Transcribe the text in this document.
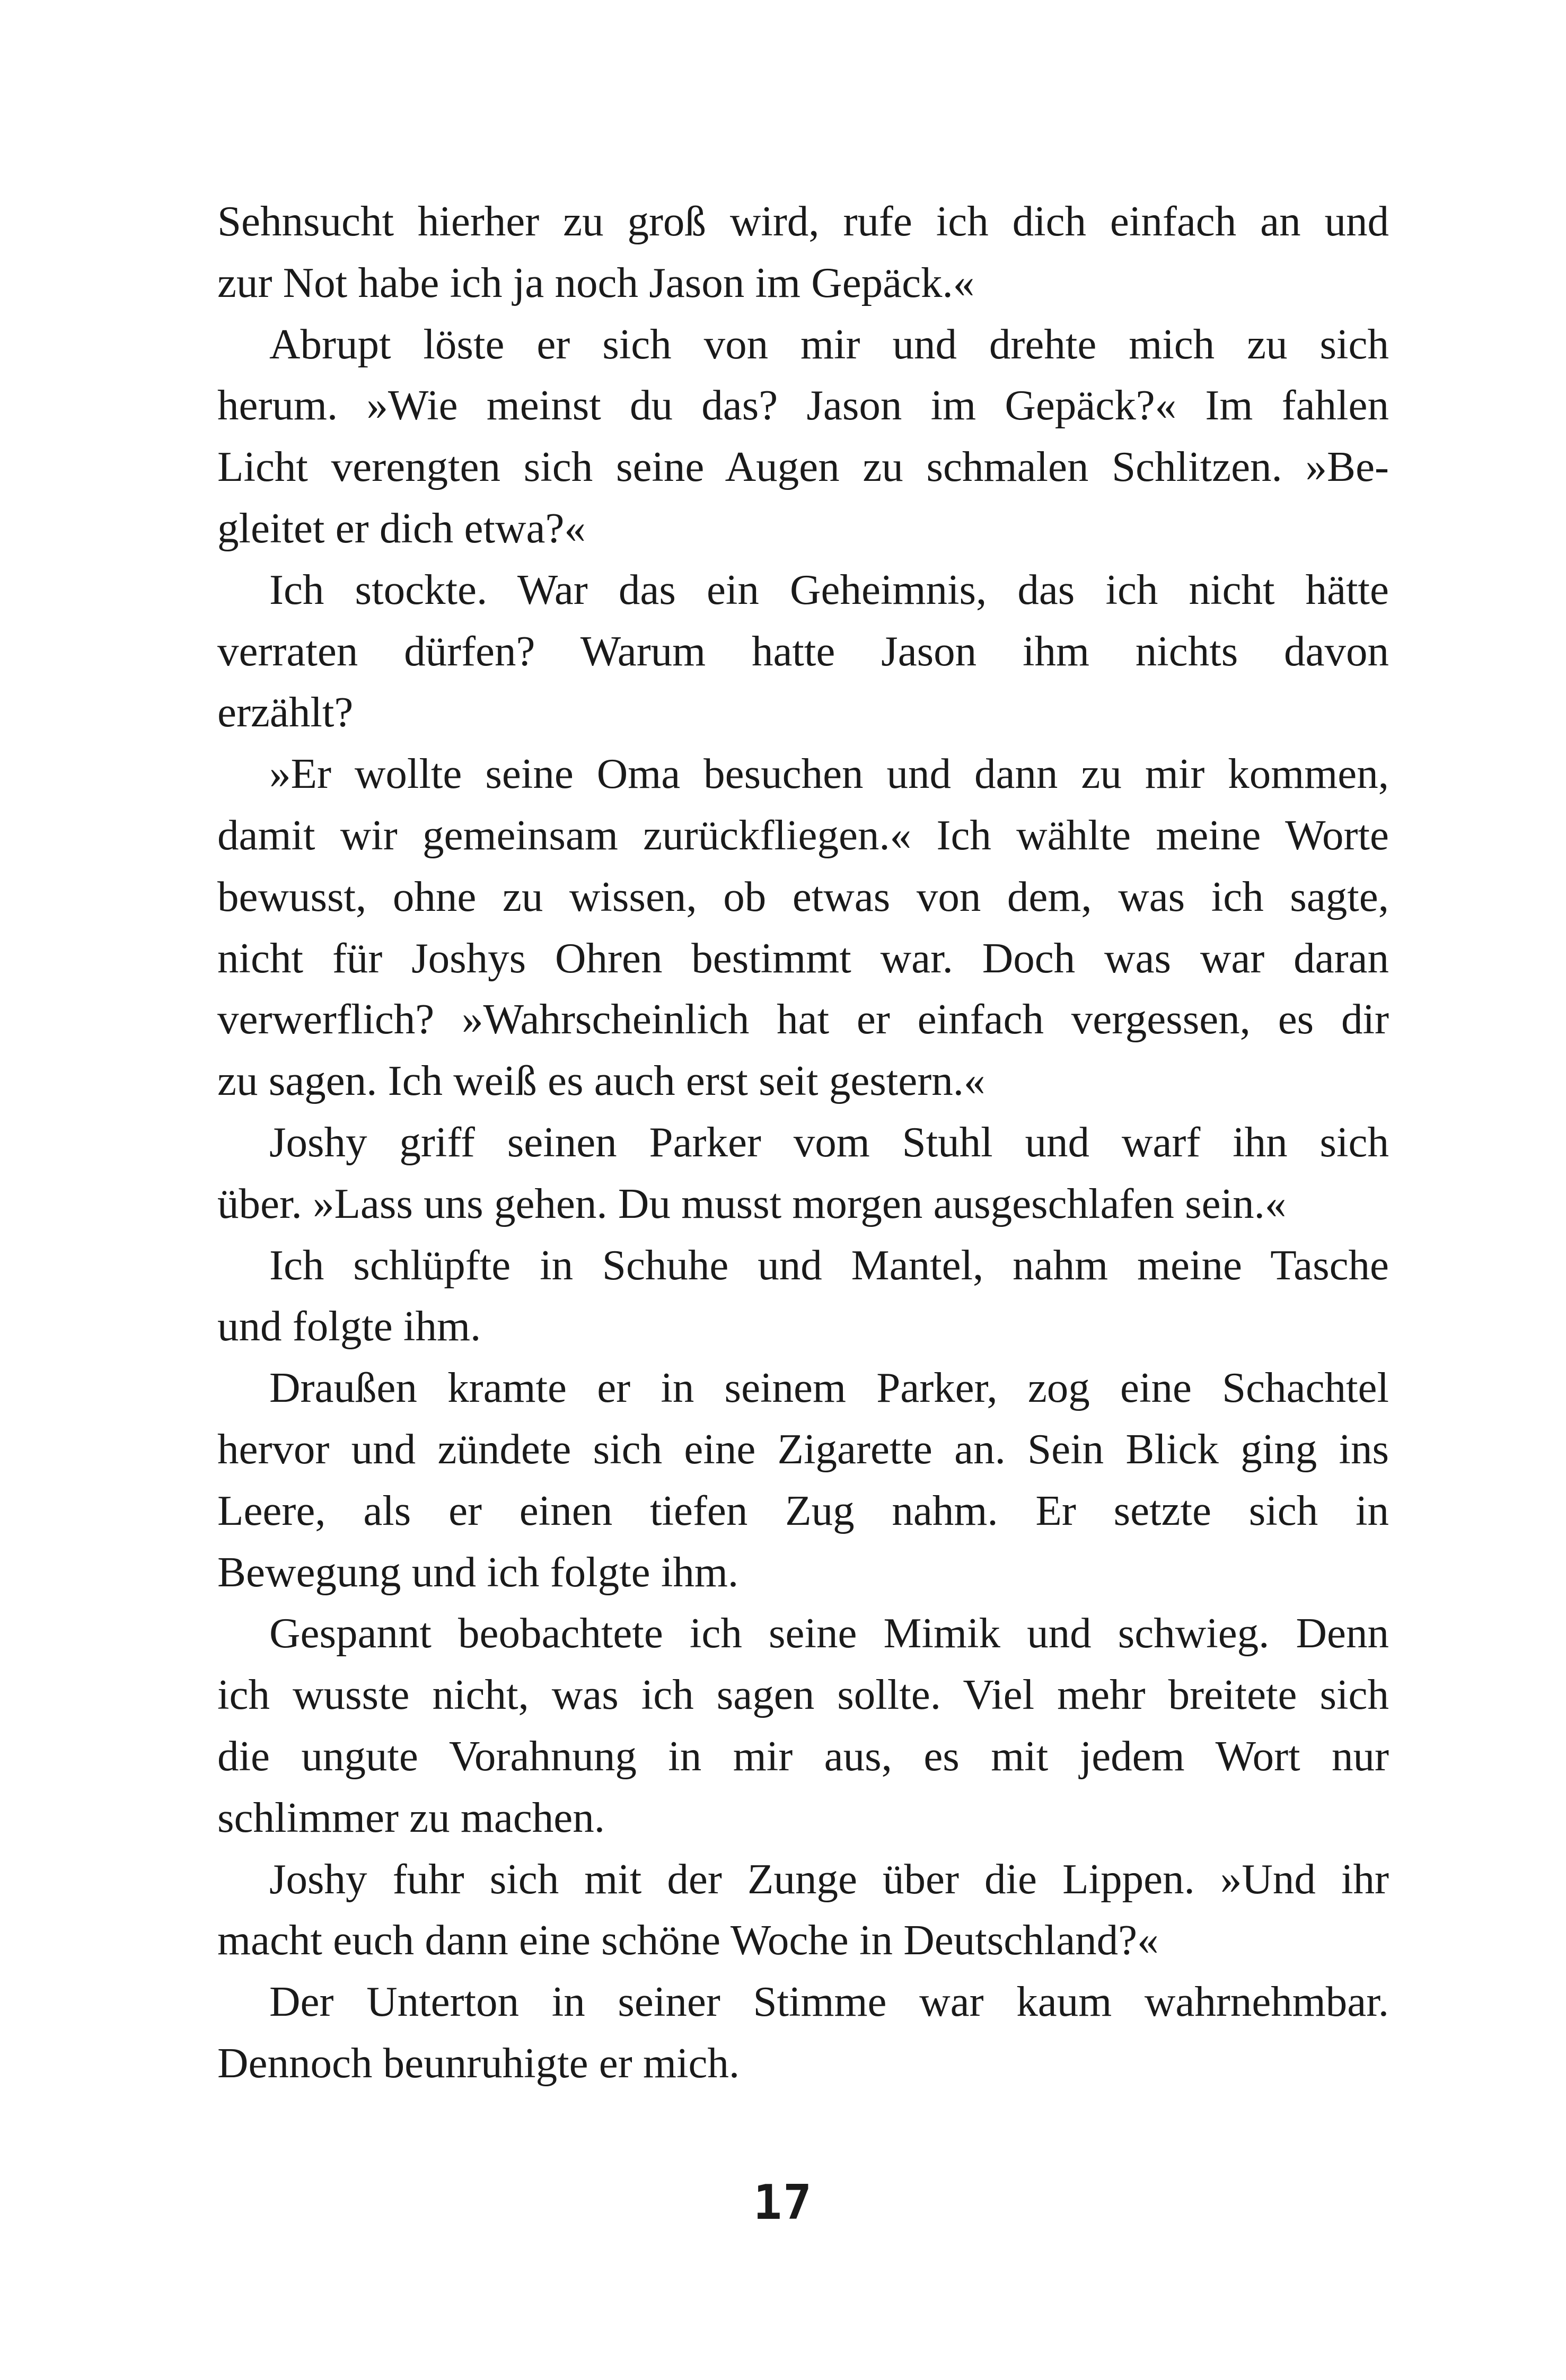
Sehnsucht hierher zu groß wird, rufe ich dich einfach an und
zur Not habe ich ja noch Jason im Gepäck.«
Abrupt löste er sich von mir und drehte mich zu sich
herum. »Wie meinst du das? Jason im Gepäck?« Im fahlen
Licht verengten sich seine Augen zu schmalen Schlitzen. »Be-
gleitet er dich etwa?«
Ich stockte. War das ein Geheimnis, das ich nicht hätte
verraten dürfen? Warum hatte Jason ihm nichts davon
erzählt?
»Er wollte seine Oma besuchen und dann zu mir kommen,
damit wir gemeinsam zurückfliegen.« Ich wählte meine Worte
bewusst, ohne zu wissen, ob etwas von dem, was ich sagte,
nicht für Joshys Ohren bestimmt war. Doch was war daran
verwerflich? »Wahrscheinlich hat er einfach vergessen, es dir
zu sagen. Ich weiß es auch erst seit gestern.«
Joshy griff seinen Parker vom Stuhl und warf ihn sich
über. »Lass uns gehen. Du musst morgen ausgeschlafen sein.«
Ich schlüpfte in Schuhe und Mantel, nahm meine Tasche
und folgte ihm.
Draußen kramte er in seinem Parker, zog eine Schachtel
hervor und zündete sich eine Zigarette an. Sein Blick ging ins
Leere, als er einen tiefen Zug nahm. Er setzte sich in
Bewegung und ich folgte ihm.
Gespannt beobachtete ich seine Mimik und schwieg. Denn
ich wusste nicht, was ich sagen sollte. Viel mehr breitete sich
die ungute Vorahnung in mir aus, es mit jedem Wort nur
schlimmer zu machen.
Joshy fuhr sich mit der Zunge über die Lippen. »Und ihr
macht euch dann eine schöne Woche in Deutschland?«
Der Unterton in seiner Stimme war kaum wahrnehmbar.
Dennoch beunruhigte er mich.
17
